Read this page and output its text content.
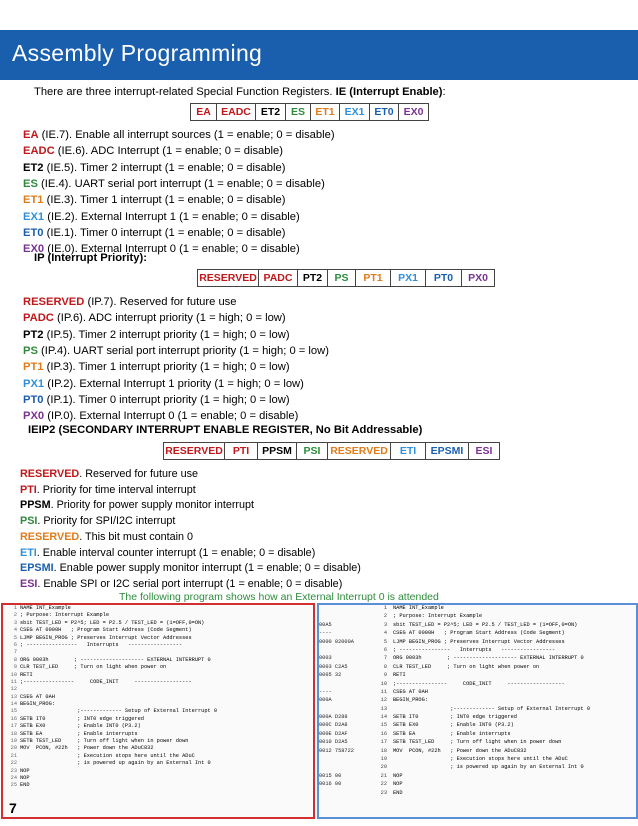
Assembly Programming
There are three interrupt-related Special Function Registers. IE (Interrupt Enable):
EA	EADC	ET2	ES	ET1	EX1	ET0	EX0
EA (IE.7). Enable all interrupt sources (1 = enable; 0 = disable)
EADC (IE.6). ADC Interrupt (1 = enable; 0 = disable)
ET2 (IE.5). Timer 2 interrupt (1 = enable; 0 = disable)
ES (IE.4). UART serial port interrupt (1 = enable; 0 = disable)
ET1 (IE.3). Timer 1 interrupt (1 = enable; 0 = disable)
EX1 (IE.2). External Interrupt 1 (1 = enable; 0 = disable)
ET0 (IE.1). Timer 0 interrupt (1 = enable; 0 = disable)
EX0 (IE.0). External Interrupt 0 (1 = enable; 0 = disable)
IP (Interrupt Priority):
RESERVED	PADC	PT2	PS	PT1	PX1	PT0	PX0
RESERVED (IP.7). Reserved for future use
PADC (IP.6). ADC interrupt priority (1 = high; 0 = low)
PT2 (IP.5). Timer 2 interrupt priority (1 = high; 0 = low)
PS (IP.4). UART serial port interrupt priority (1 = high; 0 = low)
PT1 (IP.3). Timer 1 interrupt priority (1 = high; 0 = low)
PX1 (IP.2). External Interrupt 1 priority (1 = high; 0 = low)
PT0 (IP.1). Timer 0 interrupt priority (1 = high; 0 = low)
PX0 (IP.0). External Interrupt 0 (1 = enable; 0 = disable)
IEIP2 (SECONDARY INTERRUPT ENABLE REGISTER, No Bit Addressable)
RESERVED	PTI	PPSM	PSI	RESERVED	ETI	EPSMI	ESI
RESERVED. Reserved for future use
PTI. Priority for time interval interrupt
PPSM. Priority for power supply monitor interrupt
PSI. Priority for SPI/I2C interrupt
RESERVED. This bit must contain 0
ETI. Enable interval counter interrupt (1 = enable; 0 = disable)
EPSMI. Enable power supply monitor interrupt (1 = enable; 0 = disable)
ESI. Enable SPI or I2C serial port interrupt (1 = enable; 0 = disable)
The following program shows how an External Interrupt 0 is attended
1 NAME INT_Example
2 ; Purpose: Interrupt Example
3 sbit TEST_LED = P2^5; LED = P2.5 / TEST_LED = (1=OFF,0=ON)
4 CSEG AT 0000H   ; Program Start Address (Code Segment)
5 LJMP BEGIN_PROG ; Preserves Interrupt Vector Addresses
6 ; ----------------   Interrupts   -----------------
7
8 ORG 0003h        ; -------------------- EXTERNAL INTERRUPT 0
9 CLR TEST_LED     ; Turn on light when power on
10 RETI
11 ;----------------     CODE_INIT     ------------------
12
13 CSEG AT 0AH
14 BEGIN_PROG:
15 ;------------- Setup of External Interrupt 0
16 SETB IT0          ; INT0 edge triggered
17 SETB EX0          ; Enable INT0 (P3.2)
18 SETB EA           ; Enable interrupts
19 SETB TEST_LED     ; Turn off light when in power down
20 MOV  PCON, #22h   ; Power down the ADuC832
21 ; Execution stops here until the ADuC
22 ; is powered up again by an External Int 0
23 NOP
24 NOP
25 END
1	NAME INT_Example
2	; Purpose: Interrupt Example
00A5	3	sbit TEST_LED = P2^5; LED = P2.5 / TEST_LED = (1=OFF,0=ON)
----	4	CSEG AT 0000H   ; Program Start Address (Code Segment)
0000 02000A	5	LJMP BEGIN_PROG ; Preserves Interrupt Vector Addresses
6	; ----------------   Interrupts   -----------------
0003	7	ORG 0003h        ; -------------------- EXTERNAL INTERRUPT 0
0003 C2A5	8	CLR TEST_LED     ; Turn on light when power on
0005 32	9	RETI
10	;----------------     CODE_INIT     ------------------
----	11	CSEG AT 0AH
000A	12	BEGIN_PROG:
13	;------------- Setup of External Interrupt 0
000A D288	14	SETB IT0          ; INT0 edge triggered
000C D2A8	15	SETB EX0          ; Enable INT0 (P3.2)
000E D2AF	16	SETB EA           ; Enable interrupts
0010 D2A5	17	SETB TEST_LED     ; Turn off light when in power down
0012 758722	18	MOV  PCON, #22h   ; Power down the ADuC832
19	; Execution stops here until the ADuC
20	; is powered up again by an External Int 0
0015 00	21	NOP
0016 00	22	NOP
23	END
7
